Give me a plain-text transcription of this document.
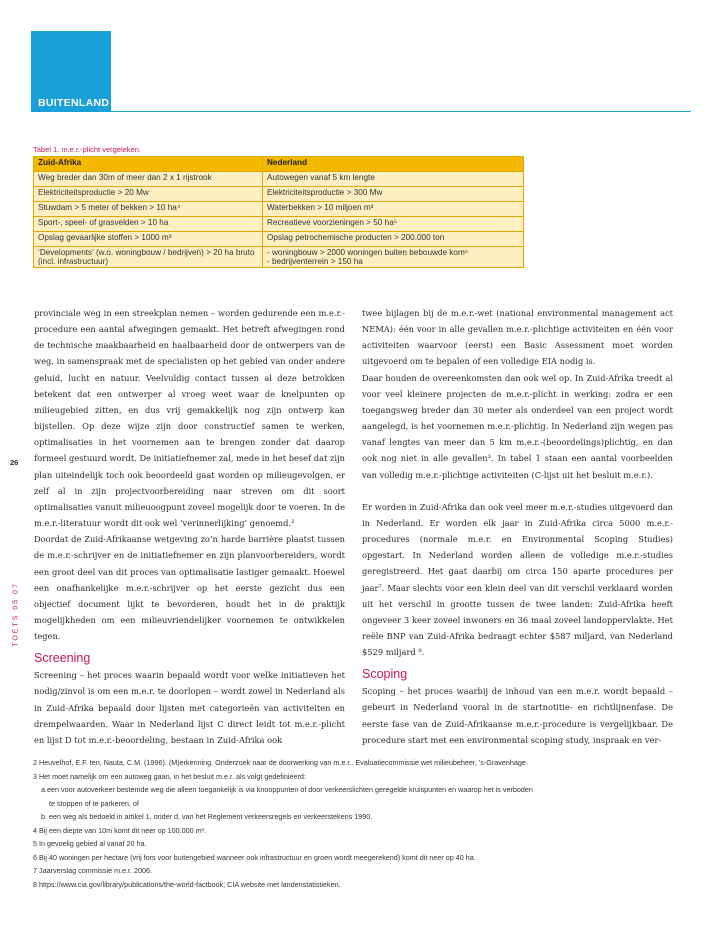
BUITENLAND
Tabel 1. m.e.r.-plicht vergeleken.
Zuid-Afrika	Nederland
Weg breder dan 30m of meer dan 2 x 1 rijstrook	Autowegen vanaf 5 km lengte
Elektriciteitsproductie > 20 Mw	Elektriciteitsproductie > 300 Mw
Stuwdam > 5 meter of bekken > 10 ha⁴	Waterbekken > 10 miljoen m³
Sport-, speel- of grasvelden > 10 ha	Recreatieve voorzieningen > 50 ha⁵
Opslag gevaarlijke stoffen > 1000 m³	Opslag petrochemische producten > 200.000 ton
‘Developments’ (w.o. woningbouw / bedrijven) > 20 ha bruto (incl. infrastructuur)	- woningbouw > 2000 woningen buiten bebouwde kom⁶
- bedrijventerrein > 150 ha
26
TOETS 05 07

provinciale weg in een streekplan nemen – worden gedurende een m.e.r.-procedure een aantal afwegingen gemaakt. Het betreft afwegingen rond de technische maakbaarheid en haalbaarheid door de ontwerpers van de weg, in samenspraak met de specialisten op het gebied van onder andere geluid, lucht en natuur. Veelvuldig contact tussen al deze betrokken betekent dat een ontwerper al vroeg weet waar de knelpunten op milieugebied zitten, en dus vrij gemakkelijk nog zijn ontwerp kan bijstellen. Op deze wijze zijn door constructief samen te werken, optimalisaties in het voornemen aan te brengen zonder dat daarop formeel gestuurd wordt. De initiatiefnemer zal, mede in het besef dat zijn plan uiteindelijk toch ook beoordeeld gaat worden op milieugevolgen, er zelf al in zijn projectvoorbereiding naar streven om dit soort optimalisaties vanuit milieuoogpunt zoveel mogelijk door te voeren. In de m.e.r.-literatuur wordt dit ook wel ‘verinnerlijking’ genoemd.²

Doordat de Zuid-Afrikaanse wetgeving zo’n harde barrière plaatst tussen de m.e.r.-schrijver en de initiatiefnemer en zijn planvoorbereiders, wordt een groot deel van dit proces van optimalisatie lastiger gemaakt. Hoewel een onafhankelijke m.e.r.-schrijver op het eerste gezicht dus een objectief document lijkt te bevorderen, houdt het in de praktijk mogelijkheden om een milieuvriendelijker voornemen te ontwikkelen tegen.

Screening

Screening – het proces waarin bepaald wordt voor welke initiatieven het nodig/zinvol is om een m.e.r. te doorlopen – wordt zowel in Nederland als in Zuid-Afrika bepaald door lijsten met categorieën van activiteiten en drempelwaarden. Waar in Nederland lijst C direct leidt tot m.e.r.-plicht en lijst D tot m.e.r.-beoordeling, bestaan in Zuid-Afrika ook

twee bijlagen bij de m.e.r.-wet (national environmental management act NEMA): één voor in alle gevallen m.e.r.-plichtige activiteiten en één voor activiteiten waarvoor (eerst) een Basic Assessment moet worden uitgevoerd om te bepalen of een volledige EIA nodig is.

Daar houden de overeenkomsten dan ook wel op. In Zuid-Afrika treedt al voor veel kleinere projecten de m.e.r.-plicht in werking: zodra er een toegangsweg breder dan 30 meter als onderdeel van een project wordt aangelegd, is het voornemen m.e.r.-plichtig. In Nederland zijn wegen pas vanaf lengtes van meer dan 5 km m.e.r.-(beoordelings)plichtig, en dan ook nog niet in alle gevallen³. In tabel 1 staan een aantal voorbeelden van volledig m.e.r.-plichtige activiteiten (C-lijst uit het besluit m.e.r.).

Er worden in Zuid-Afrika dan ook veel meer m.e.r.-studies uitgevoerd dan in Nederland. Er worden elk jaar in Zuid-Afrika circa 5000 m.e.r.-procedures (normale m.e.r. en Environmental Scoping Studies) opgestart. In Nederland worden alleen de volledige m.e.r.-studies geregistreerd. Het gaat daarbij om circa 150 aparte procedures per jaar⁷. Maar slechts voor een klein deel van dit verschil verklaard worden uit het verschil in grootte tussen de twee landen: Zuid-Afrika heeft ongeveer 3 keer zoveel inwoners en 36 maal zoveel landoppervlakte. Het reële BNP van Zuid-Afrika bedraagt echter $587 miljard, van Nederland $529 miljard ⁸.

Scoping

Scoping – het proces waarbij de inhoud van een m.e.r. wordt bepaald – gebeurt in Nederland vooral in de startnotitie- en richtlijnenfase. De eerste fase van de Zuid-Afrikaanse m.e.r.-procedure is vergelijkbaar. De procedure start met een environmental scoping study, inspraak en ver-

2 Heuvelhof, E.F. ten, Nauta, C.M. (1996). (M)erkenning. Onderzoek naar de doorwerking van m.e.r.. Evaluatiecommissie wet milieubeheer, ’s-Gravenhage.
3 Het moet namelijk om een autoweg gaan, in het besluit m.e.r. als volgt gedefinieerd:
a.een voor autoverkeer bestemde weg die alleen toegankelijk is via knooppunten of door verkeerslichten geregelde kruispunten en waarop het is verboden
te stoppen of te parkeren, of
b. een weg als bedoeld in artikel 1, onder d, van het Reglement verkeersregels en verkeerstekens 1990.
4 Bij een diepte van 10m komt dit neer op 100.000 m³.
5 In gevoelig gebied al vanaf 20 ha.
6 Bij 40 woningen per hectare (vrij fors voor buitengebied wanneer ook infrastructuur en groen wordt meegerekend) komt dit neer op 40 ha.
7 Jaarverslag commissie m.e.r. 2006.
8 https://www.cia.gov/library/publications/the-world-factbook; CIA website met landenstatistieken.
